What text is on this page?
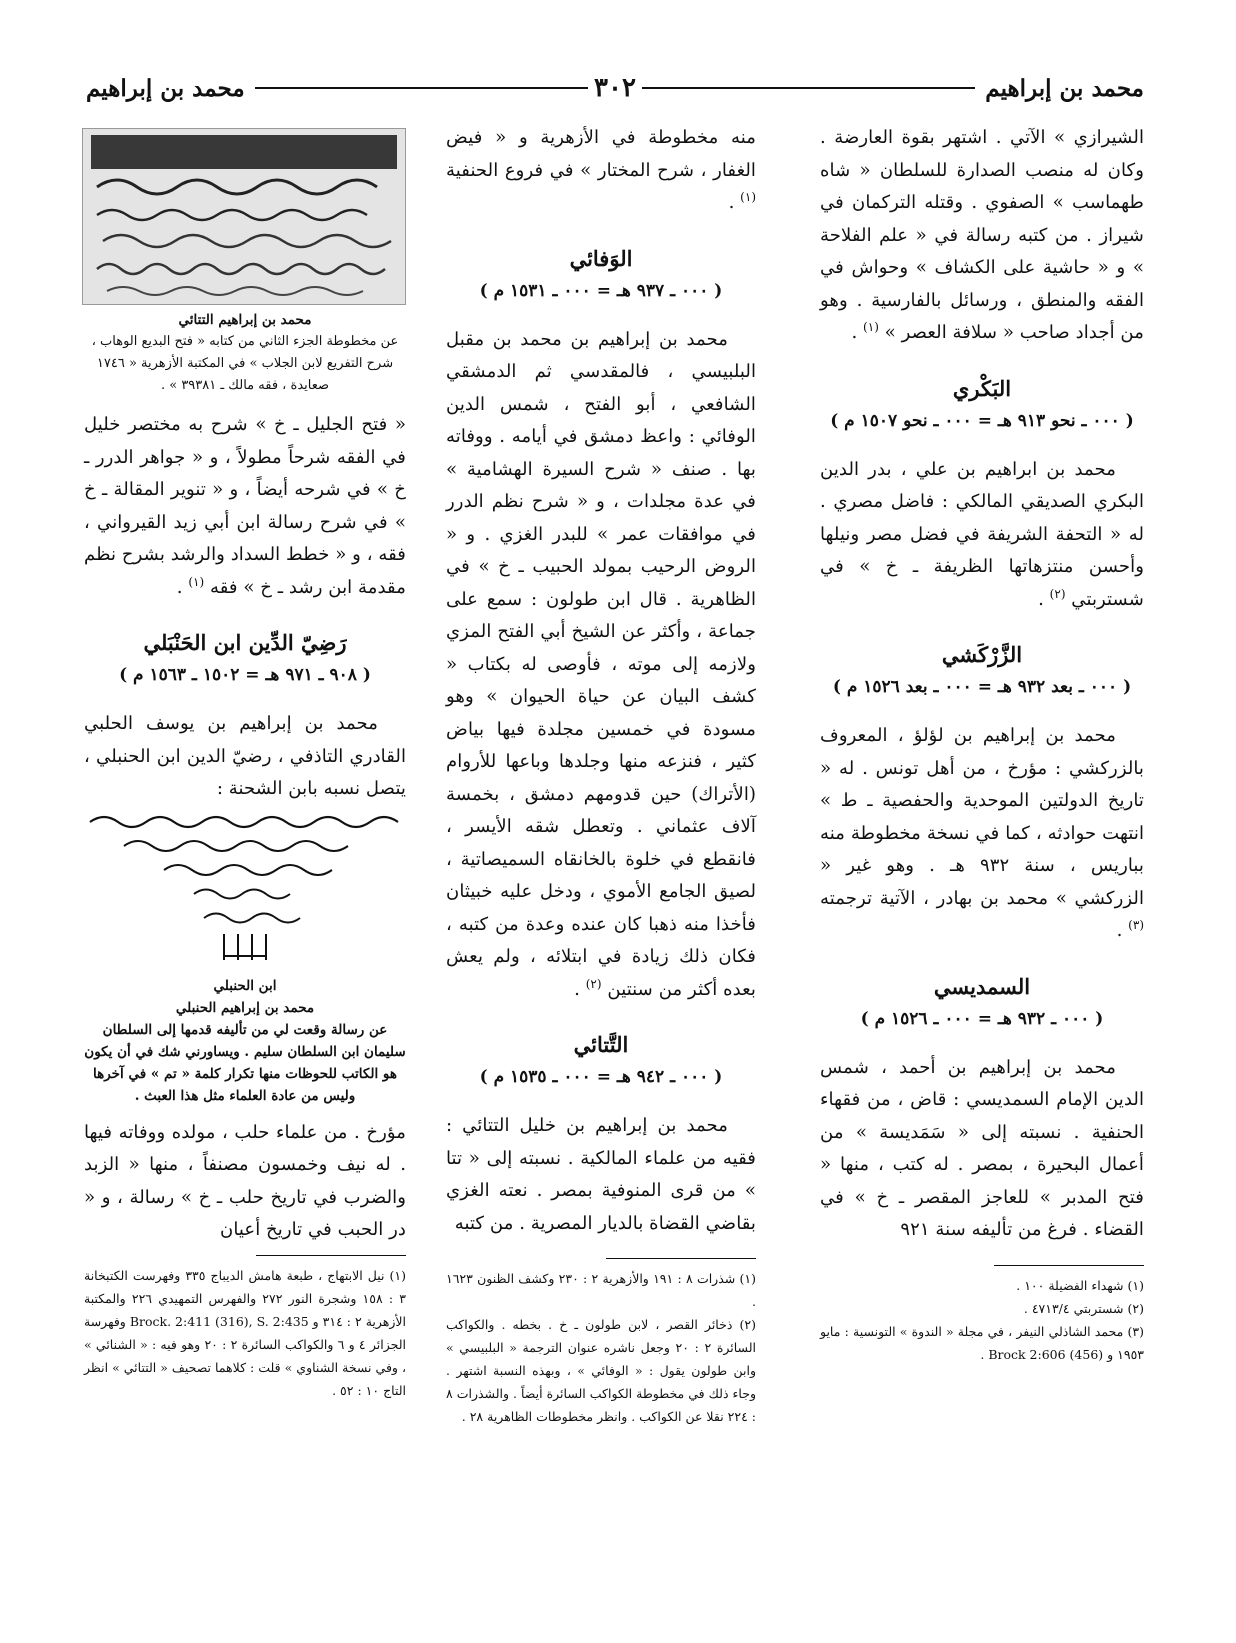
محمد بن إبراهيم
٣٠٢
محمد بن إبراهيم

الشيرازي » الآتي . اشتهر بقوة العارضة . وكان له منصب الصدارة للسلطان « شاه طهماسب » الصفوي . وقتله التركمان في شيراز . من كتبه رسالة في « علم الفلاحة » و « حاشية على الكشاف » وحواش في الفقه والمنطق ، ورسائل بالفارسية . وهو من أجداد صاحب « سلافة العصر » $^{(١)}$ .

البَكْري
( ٠٠٠ ـ نحو ٩١٣ هـ = ٠٠٠ ـ نحو ١٥٠٧ م )

محمد بن ابراهيم بن علي ، بدر الدين البكري الصديقي المالكي : فاضل مصري . له « التحفة الشريفة في فضل مصر ونيلها وأحسن منتزهاتها الظريفة ـ خ » في شستربتي $^{(٢)}$ .

الزَّرْكَشي
( ٠٠٠ ـ بعد ٩٣٢ هـ = ٠٠٠ ـ بعد ١٥٢٦ م )

محمد بن إبراهيم بن لؤلؤ ، المعروف بالزركشي : مؤرخ ، من أهل تونس . له « تاريخ الدولتين الموحدية والحفصية ـ ط » انتهت حوادثه ، كما في نسخة مخطوطة منه بباريس ، سنة ٩٣٢ هـ . وهو غير « الزركشي » محمد بن بهادر ، الآتية ترجمته $^{(٣)}$ .

السمديسي
( ٠٠٠ ـ ٩٣٢ هـ = ٠٠٠ ـ ١٥٢٦ م )

محمد بن إبراهيم بن أحمد ، شمس الدين الإمام السمديسي : قاض ، من فقهاء الحنفية . نسبته إلى « سَمَديسة » من أعمال البحيرة ، بمصر . له كتب ، منها « فتح المدبر » للعاجز المقصر ـ خ » في القضاء . فرغ من تأليفه سنة ٩٢١

(١) شهداء الفضيلة ١٠٠ .

(٢) شستربتي ٤٧١٣/٤ .

(٣) محمد الشاذلي النيفر ، في مجلة « الندوة » التونسية : مايو ١٩٥٣ و Brock 2:606 (456) .

منه مخطوطة في الأزهرية و « فيض الغفار ، شرح المختار » في فروع الحنفية $^{(١)}$ .

الوَفائي
( ٠٠٠ ـ ٩٣٧ هـ = ٠٠٠ ـ ١٥٣١ م )

محمد بن إبراهيم بن محمد بن مقبل البلبيسي ، فالمقدسي ثم الدمشقي الشافعي ، أبو الفتح ، شمس الدين الوفائي : واعظ دمشق في أيامه . ووفاته بها . صنف « شرح السيرة الهشامية » في عدة مجلدات ، و « شرح نظم الدرر في موافقات عمر » للبدر الغزي . و « الروض الرحيب بمولد الحبيب ـ خ » في الظاهرية . قال ابن طولون : سمع على جماعة ، وأكثر عن الشيخ أبي الفتح المزي ولازمه إلى موته ، فأوصى له بكتاب « كشف البيان عن حياة الحيوان » وهو مسودة في خمسين مجلدة فيها بياض كثير ، فنزعه منها وجلدها وباعها للأروام (الأتراك) حين قدومهم دمشق ، بخمسة آلاف عثماني . وتعطل شقه الأيسر ، فانقطع في خلوة بالخانقاه السميصاتية ، لصيق الجامع الأموي ، ودخل عليه خبيثان فأخذا منه ذهبا كان عنده وعدة من كتبه ، فكان ذلك زيادة في ابتلائه ، ولم يعش بعده أكثر من سنتين $^{(٢)}$ .

التَّتائي
( ٠٠٠ ـ ٩٤٢ هـ = ٠٠٠ ـ ١٥٣٥ م )

محمد بن إبراهيم بن خليل التتائي : فقيه من علماء المالكية . نسبته إلى « تتا » من قرى المنوفية بمصر . نعته الغزي بقاضي القضاة بالديار المصرية . من كتبه

(١) شذرات ٨ : ١٩١ والأزهرية ٢ : ٢٣٠ وكشف الظنون ١٦٢٣ .

(٢) ذخائر القصر ، لابن طولون ـ خ . بخطه . والكواكب السائرة ٢ : ٢٠ وجعل ناشره عنوان الترجمة « البلبيسي » وابن طولون يقول : « الوفائي » ، وبهذه النسبة اشتهر . وجاء ذلك في مخطوطة الكواكب السائرة أيضاً . والشذرات ٨ : ٢٢٤ نقلا عن الكواكب . وانظر مخطوطات الظاهرية ٢٨ .

محمد بن إبراهيم التتائي
عن مخطوطة الجزء الثاني من كتابه « فتح البديع الوهاب ، شرح التفريع لابن الجلاب » في المكتبة الأزهرية « ١٧٤٦ صعايدة ، فقه مالك ـ ٣٩٣٨١ » .

« فتح الجليل ـ خ » شرح به مختصر خليل في الفقه شرحاً مطولاً ، و « جواهر الدرر ـ خ » في شرحه أيضاً ، و « تنوير المقالة ـ خ » في شرح رسالة ابن أبي زيد القيرواني ، فقه ، و « خطط السداد والرشد بشرح نظم مقدمة ابن رشد ـ خ » فقه $^{(١)}$ .

رَضِيّ الدِّين ابن الحَنْبَلي
( ٩٠٨ ـ ٩٧١ هـ = ١٥٠٢ ـ ١٥٦٣ م )

محمد بن إبراهيم بن يوسف الحلبي القادري التاذفي ، رضيّ الدين ابن الحنبلي ، يتصل نسبه بابن الشحنة :

ابن الحنبلي
محمد بن إبراهيم الحنبلي
عن رسالة وقعت لي من تأليفه قدمها إلى السلطان سليمان ابن السلطان سليم . ويساورني شك في أن يكون هو الكاتب للحوظات منها تكرار كلمة « تم » في آخرها وليس من عادة العلماء مثل هذا العبث .

مؤرخ . من علماء حلب ، مولده ووفاته فيها . له نيف وخمسون مصنفاً ، منها « الزبد والضرب في تاريخ حلب ـ خ » رسالة ، و « در الحبب في تاريخ أعيان

(١) نيل الابتهاج ، طبعة هامش الديباج ٣٣٥ وفهرست الكتبخانة ٣ : ١٥٨ وشجرة النور ٢٧٢ والفهرس التمهيدي ٢٢٦ والمكتبة الأزهرية ٢ : ٣١٤ و Brock. 2:411 (316), S. 2:435 وفهرسة الجزائر ٤ و ٦ والكواكب السائرة ٢ : ٢٠ وهو فيه : « الشنائي » ، وفي نسخة الشناوي » قلت : كلاهما تصحيف « التتائي » انظر التاج ١٠ : ٥٢ .
